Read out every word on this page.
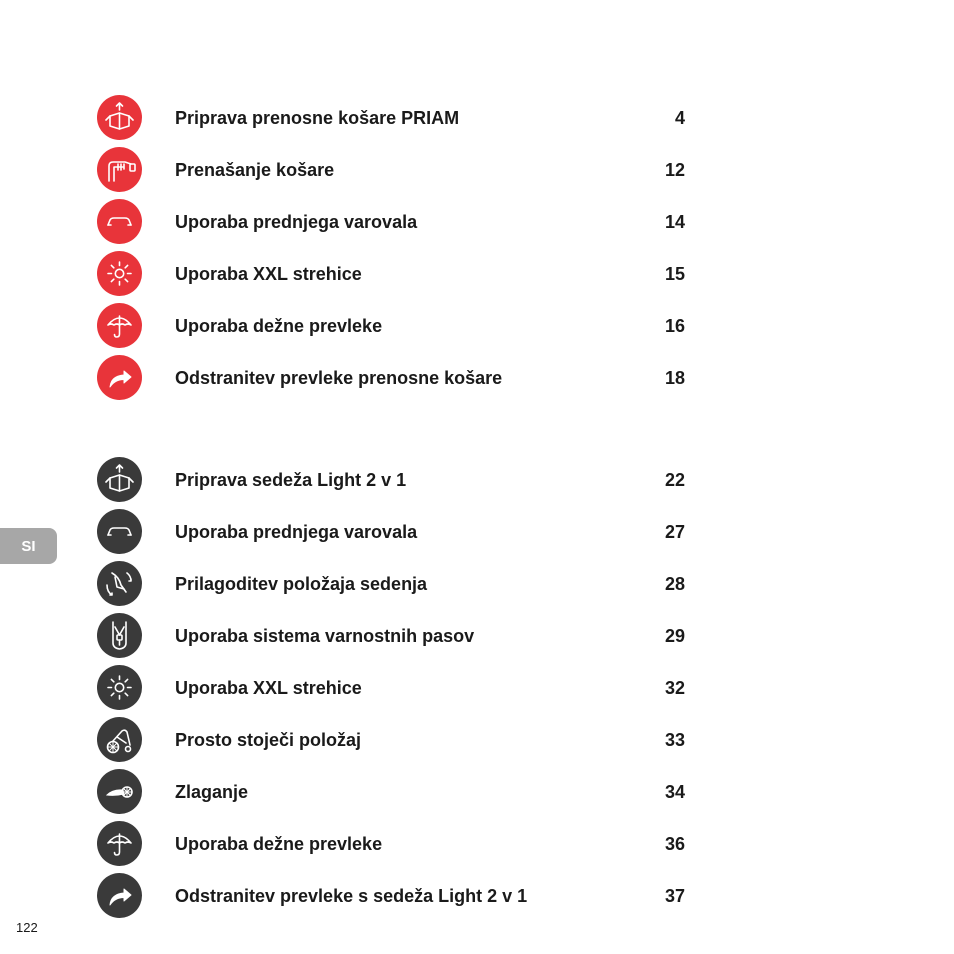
Priprava prenosne košare PRIAM	4
Prenašanje košare	12
Uporaba prednjega varovala	14
Uporaba XXL strehice	15
Uporaba dežne prevleke	16
Odstranitev prevleke prenosne košare	18
Priprava sedeža Light 2 v 1	22
Uporaba prednjega varovala	27
Prilagoditev položaja sedenja	28
Uporaba sistema varnostnih pasov	29
Uporaba XXL strehice	32
Prosto stoječi položaj	33
Zlaganje	34
Uporaba dežne prevleke	36
Odstranitev prevleke s sedeža Light 2 v 1	37
SI
122
